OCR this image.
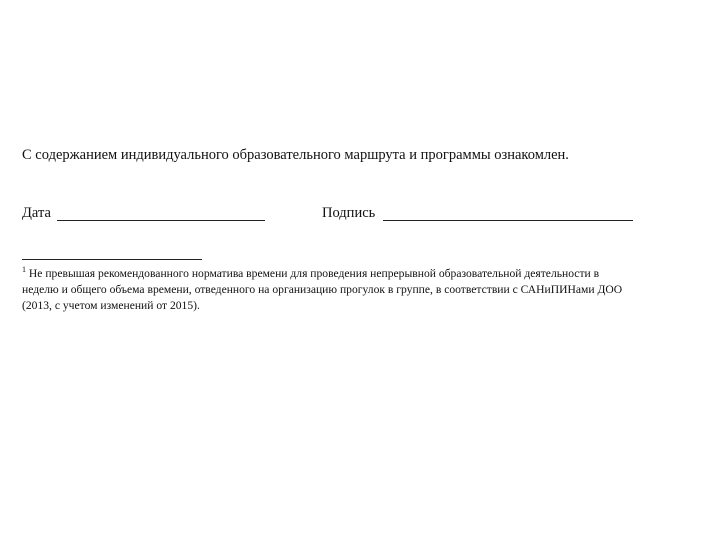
С содержанием индивидуального образовательного маршрута и программы ознакомлен.
Дата	Подпись
$^1$ Не превышая рекомендованного норматива времени для проведения непрерывной образовательной деятельности в
неделю и общего объема времени, отведенного на организацию прогулок в группе, в соответствии с САНиПИНами ДОО
(2013, с учетом изменений от 2015).
